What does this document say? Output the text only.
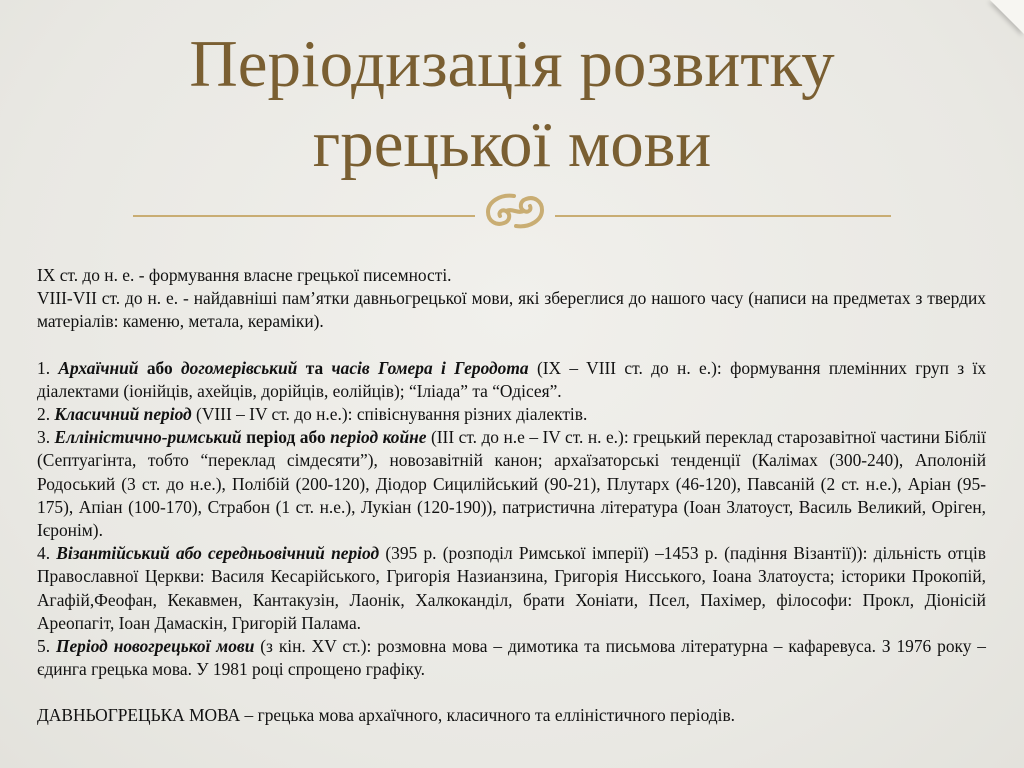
Періодизація розвитку
грецької мови

ІХ ст. до н. е. - формування власне грецької писемності.

VIII-VII ст. до н. е. - найдавніші пам’ятки давньогрецької мови, які збереглися до нашого часу (написи на предметах з твердих матеріалів: каменю, метала, кераміки).

1. Архаїчний або догомерівський та часів Гомера і Геродота (IX – VIII ст. до н. е.): формування племінних груп з їх діалектами (іонійців, ахейців, дорійців, еолійців); “Іліада” та “Одісея”.

2. Класичний період (VIII – IV ст. до н.е.): співіснування різних діалектів.

3. Елліністично-римський період або період койне (III ст. до н.е – IV ст. н. е.): грецький переклад старозавітної частини Біблії (Септуагінта, тобто “переклад сімдесяти”), новозавітній канон; архаїзаторські тенденції (Калімах (300-240), Аполоній Родоський (3 ст. до н.е.), Полібій (200-120), Діодор Сицилійський (90-21), Плутарх (46-120), Павсаній (2 ст. н.е.), Аріан (95-175), Апіан (100-170), Страбон (1 ст. н.е.), Лукіан (120-190)), патристична література (Іоан Златоуст, Василь Великий, Оріген, Ієронім).

4. Візантійський або середньовічний період (395 р. (розподіл Римської імперії) –1453 р. (падіння Візантії)): дільність отців Православної Церкви: Василя Кесарійського, Григорія Назианзина, Григорія Нисського, Іоана Златоуста; історики Прокопій, Агафій,Феофан, Кекавмен, Кантакузін, Лаонік, Халкоканділ, брати Хоніати, Псел, Пахімер, філософи: Прокл, Діонісій Ареопагіт, Іоан Дамаскін, Григорій Палама.

5. Період новогрецької мови (з кін. XV ст.): розмовна мова – димотика та письмова літературна – кафаревуса. З 1976 року – єдинга грецька мова. У 1981 році спрощено графіку.

ДАВНЬОГРЕЦЬКА МОВА – грецька мова архаїчного, класичного та елліністичного періодів.
